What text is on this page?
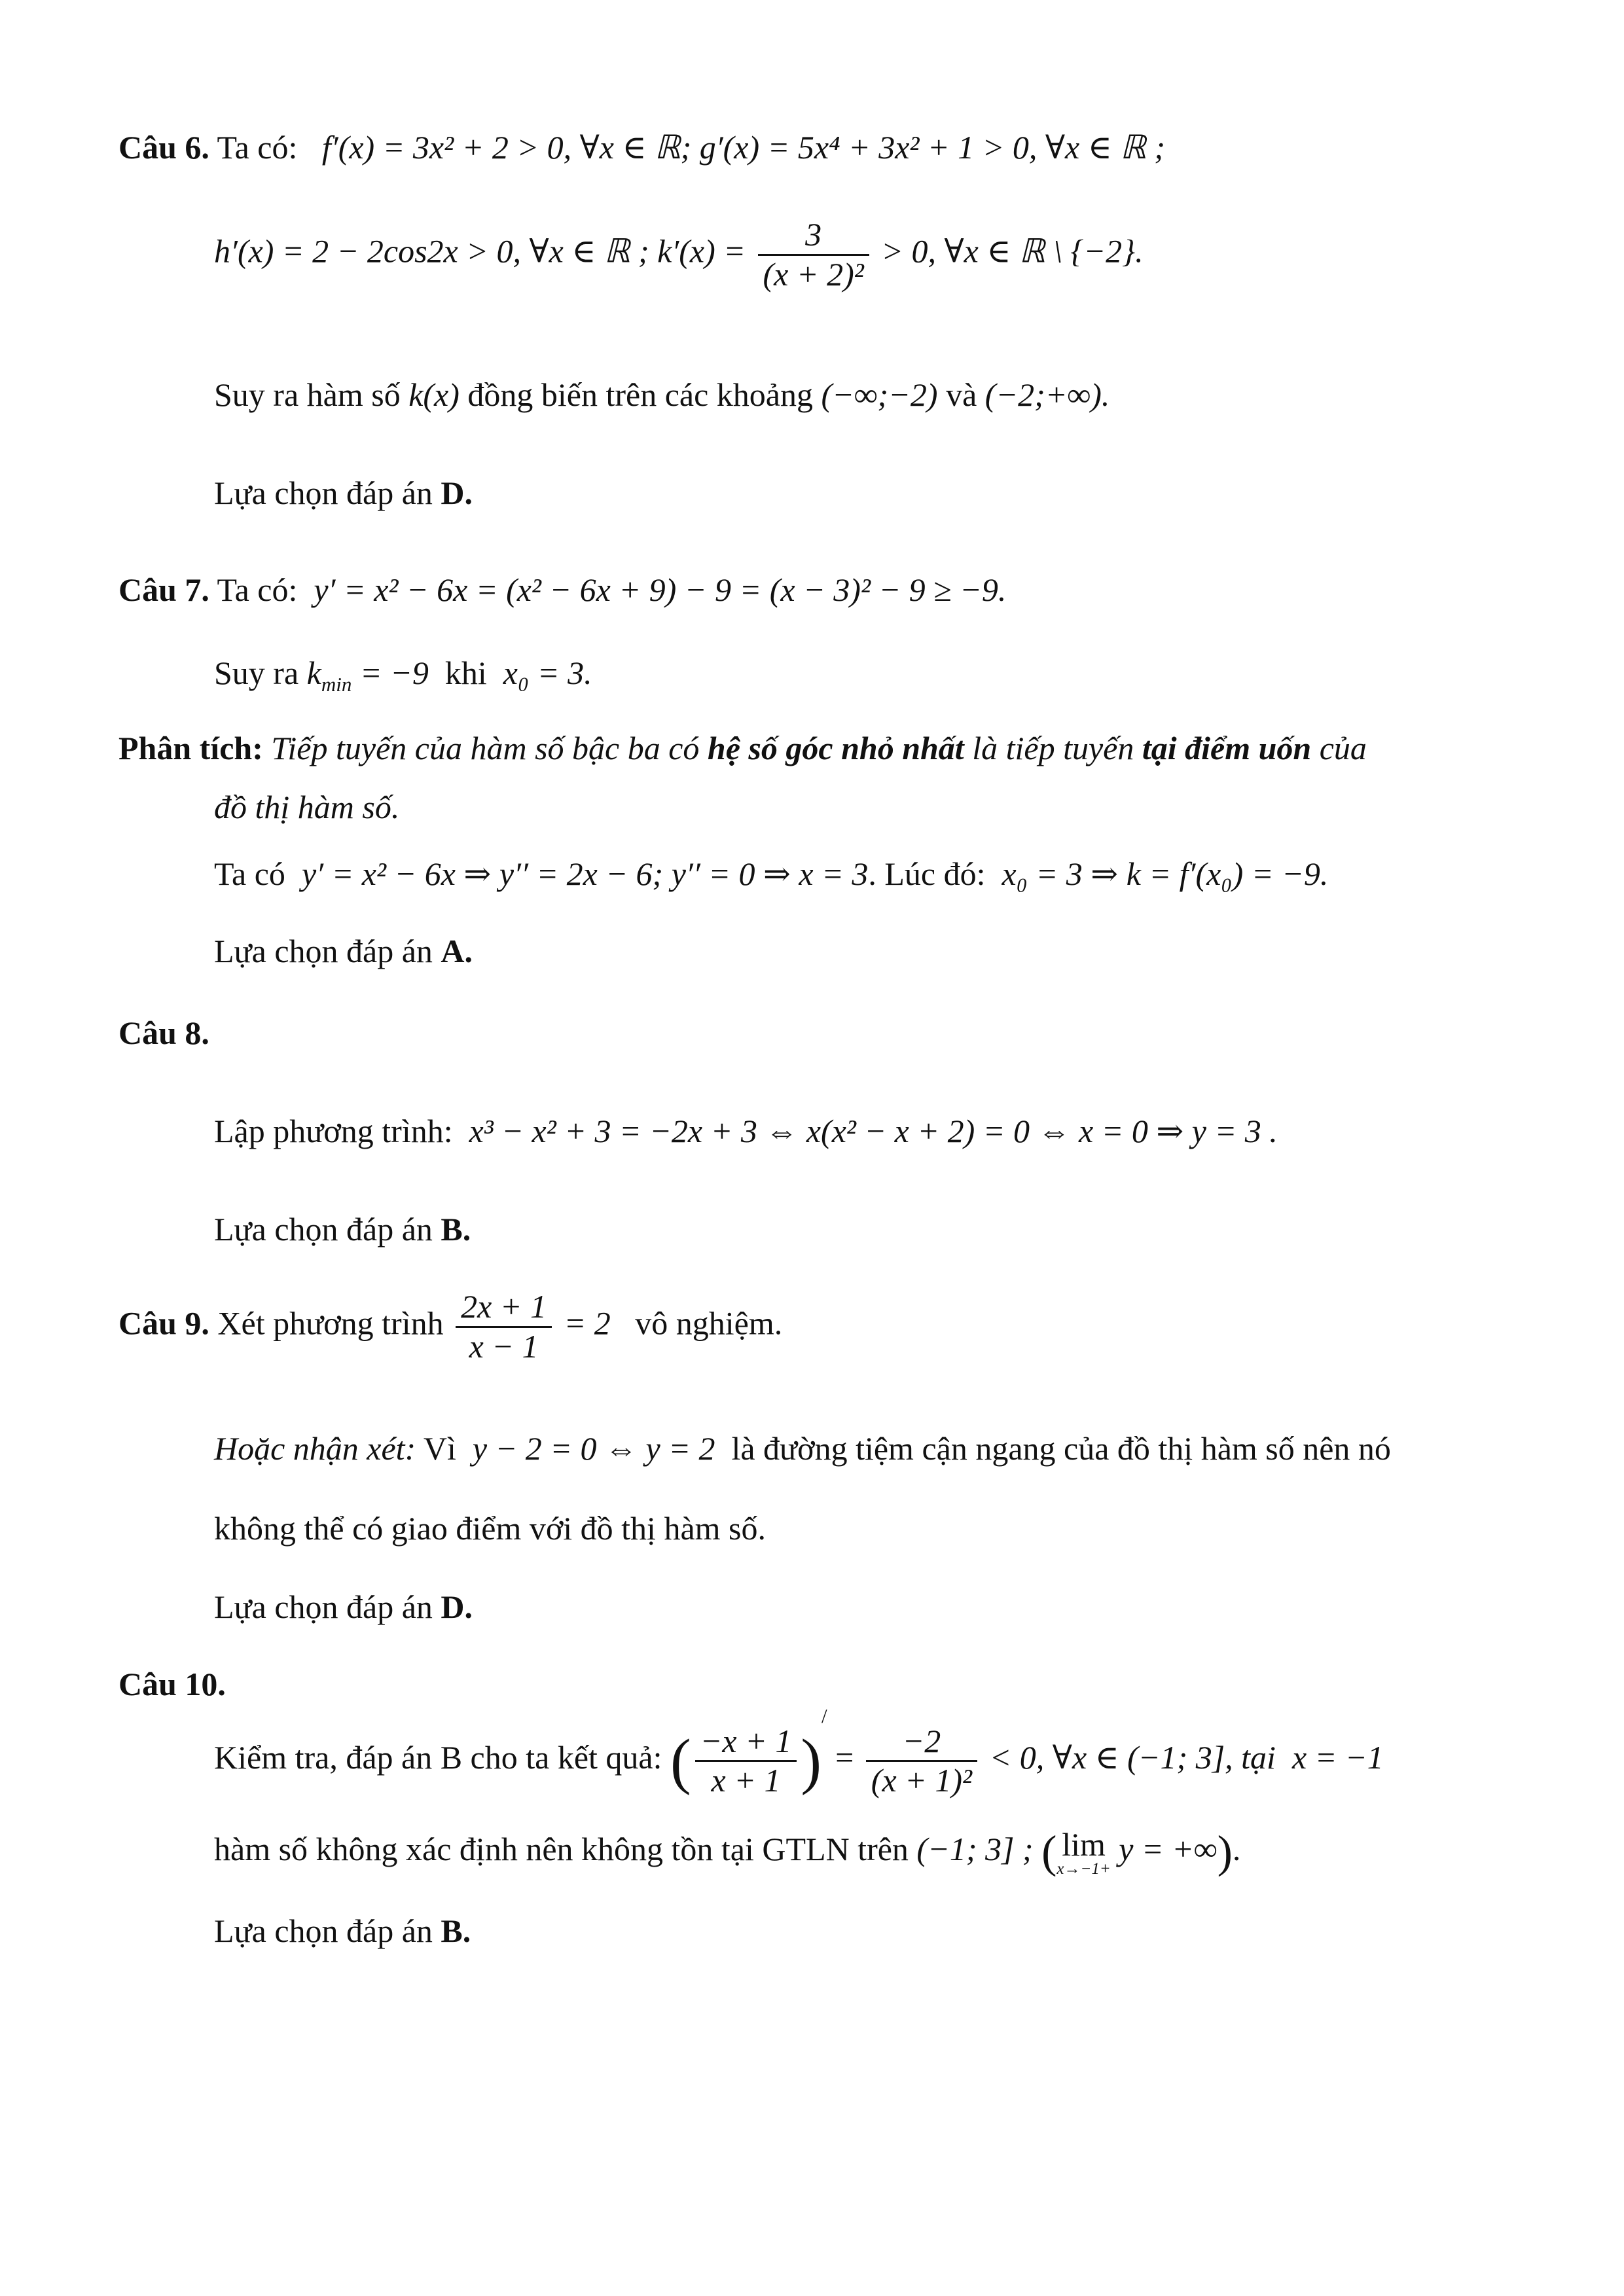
Câu 6. Ta có: f′(x) = 3x² + 2 > 0, ∀x ∈ ℝ; g′(x) = 5x⁴ + 3x² + 1 > 0, ∀x ∈ ℝ ;
h′(x) = 2 − 2cos2x > 0, ∀x ∈ ℝ ; $k'(x) = \frac{3}{\text{(x + 2)²}} > 0$, ∀x ∈ ℝ \ {−2}.
Suy ra hàm số k(x) đồng biến trên các khoảng (−∞;−2) và (−2;+∞).
Lựa chọn đáp án D.
Câu 7. Ta có: y′ = x² − 6x = (x² − 6x + 9) − 9 = (x − 3)² − 9 ≥ −9.
Suy ra $k_{min} = -9$ khi x₀ = 3.
Phân tích: Tiếp tuyến của hàm số bậc ba có hệ số góc nhỏ nhất là tiếp tuyến tại điểm uốn của
đồ thị hàm số.
Ta có y′ = x² − 6x ⇒ y′′ = 2x − 6; y′′ = 0 ⇒ x = 3. Lúc đó: x₀ = 3 ⇒ k = f′(x₀) = −9.
Lựa chọn đáp án A.
Câu 8.
Lập phương trình: x³ − x² + 3 = −2x + 3 ⇔ x(x² − x + 2) = 0 ⇔ x = 0 ⇒ y = 3 .
Lựa chọn đáp án B.
Câu 9. Xét phương trình $\frac{2x + 1}{x - 1} = 2$ vô nghiệm.
Hoặc nhận xét: Vì y − 2 = 0 ⇔ y = 2 là đường tiệm cận ngang của đồ thị hàm số nên nó
không thể có giao điểm với đồ thị hàm số.
Lựa chọn đáp án D.
Câu 10.
Kiểm tra, đáp án B cho ta kết quả: ( $\frac{-x + 1}{x + 1} )^/ = \frac{-2}{\text{(x + 1)²}} < 0$, ∀x ∈ (−1; 3], tại x = −1
hàm số không xác định nên không tồn tại GTLN trên (−1; 3] ; ( lim
x→−1+
y = +∞).
Lựa chọn đáp án B.
